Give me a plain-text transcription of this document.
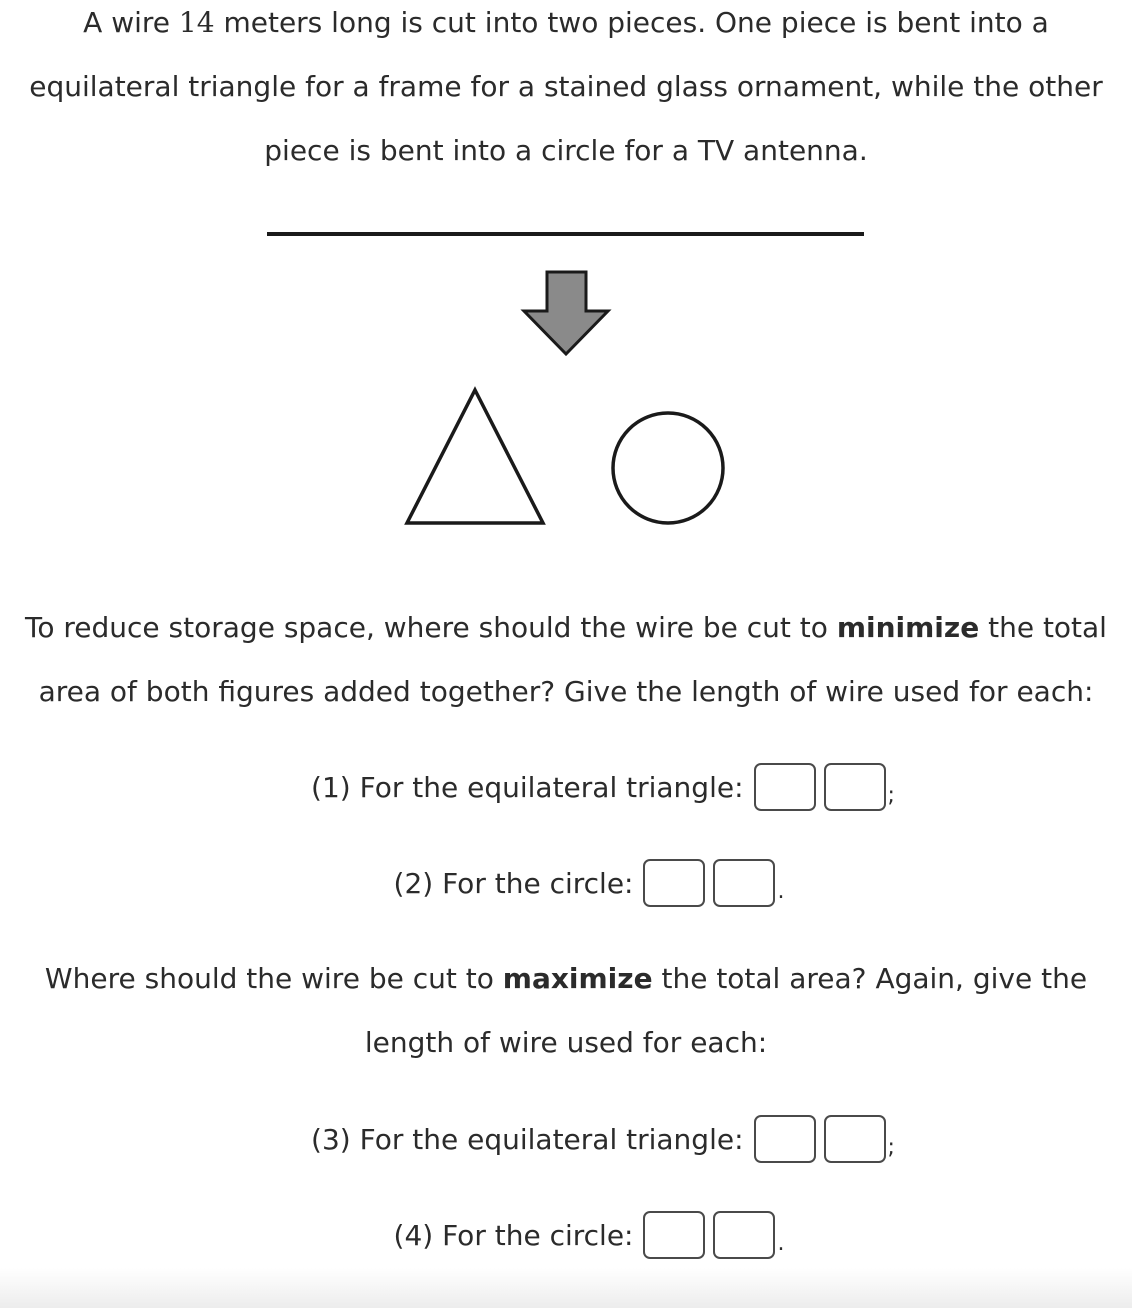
A wire 14 meters long is cut into two pieces. One piece is bent into a
equilateral triangle for a frame for a stained glass ornament, while the other
piece is bent into a circle for a TV antenna.
To reduce storage space, where should the wire be cut to minimize the total
area of both figures added together? Give the length of wire used for each:
(1) For the equilateral triangle:	;
(2) For the circle:	.
Where should the wire be cut to maximize the total area? Again, give the
length of wire used for each:
(3) For the equilateral triangle:	;
(4) For the circle:	.
